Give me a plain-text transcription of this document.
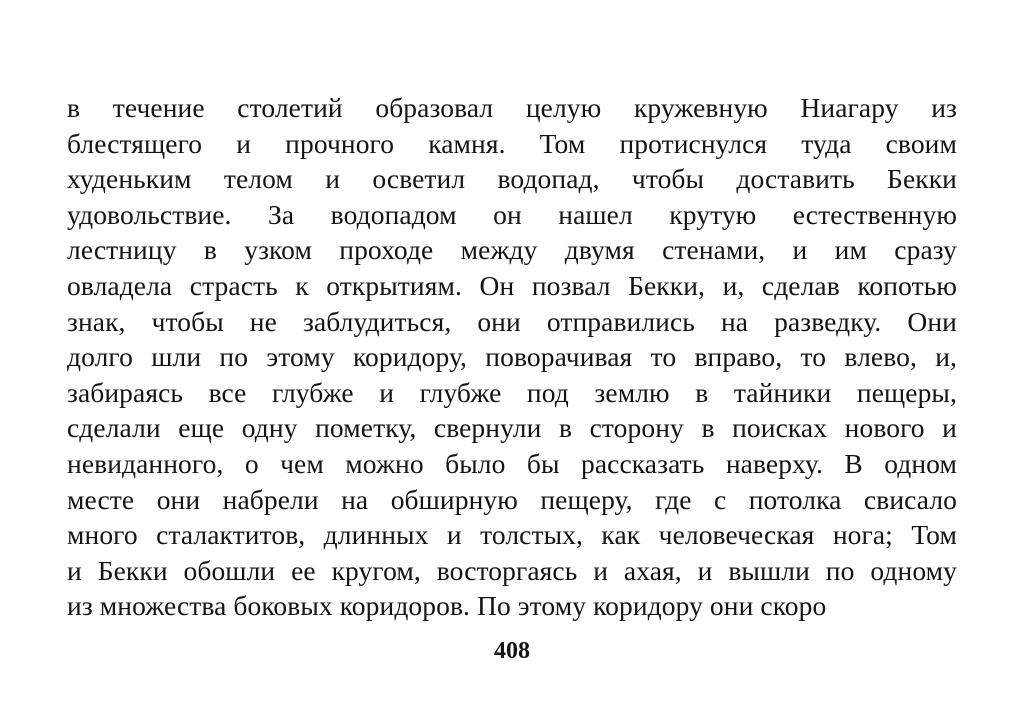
в течение столетий образовал целую кружевную Ниагару из
блестящего и прочного камня. Том протиснулся туда своим
худеньким телом и осветил водопад, чтобы доставить Бекки
удовольствие. За водопадом он нашел крутую естественную
лестницу в узком проходе между двумя стенами, и им сразу
овладела страсть к открытиям. Он позвал Бекки, и, сделав копотью
знак, чтобы не заблудиться, они отправились на разведку. Они
долго шли по этому коридору, поворачивая то вправо, то влево, и,
забираясь все глубже и глубже под землю в тайники пещеры,
сделали еще одну пометку, свернули в сторону в поисках нового и
невиданного, о чем можно было бы рассказать наверху. В одном
месте они набрели на обширную пещеру, где с потолка свисало
много сталактитов, длинных и толстых, как человеческая нога; Том
и Бекки обошли ее кругом, восторгаясь и ахая, и вышли по одному
из множества боковых коридоров. По этому коридору они скоро
408
